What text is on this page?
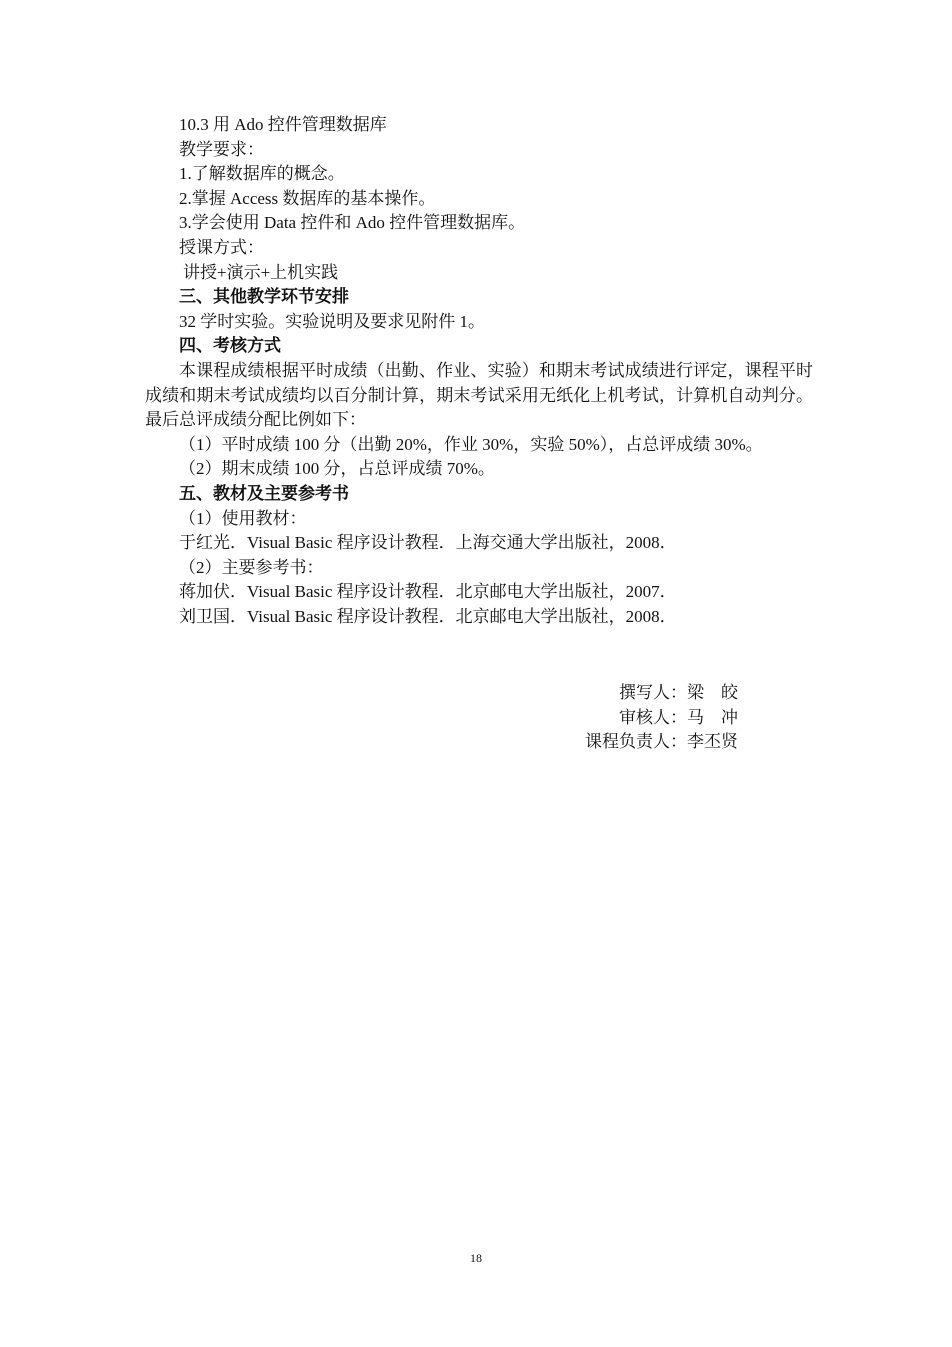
10.3 用 Ado 控件管理数据库
教学要求：
1.了解数据库的概念。
2.掌握 Access 数据库的基本操作。
3.学会使用 Data 控件和 Ado 控件管理数据库。
授课方式：
讲授+演示+上机实践
三、其他教学环节安排
32 学时实验。实验说明及要求见附件 1。
四、考核方式
本课程成绩根据平时成绩（出勤、作业、实验）和期末考试成绩进行评定，课程平时成绩和期末考试成绩均以百分制计算，期末考试采用无纸化上机考试，计算机自动判分。最后总评成绩分配比例如下：
（1）平时成绩 100 分（出勤 20%，作业 30%，实验 50%），占总评成绩 30%。
（2）期末成绩 100 分，占总评成绩 70%。
五、教材及主要参考书
（1）使用教材：
于红光．Visual Basic 程序设计教程．上海交通大学出版社，2008．
（2）主要参考书：
蒋加伏．Visual Basic 程序设计教程．北京邮电大学出版社，2007．
刘卫国．Visual Basic 程序设计教程．北京邮电大学出版社，2008．
撰写人：梁　皎
审核人：马　冲
课程负责人：李丕贤
18
